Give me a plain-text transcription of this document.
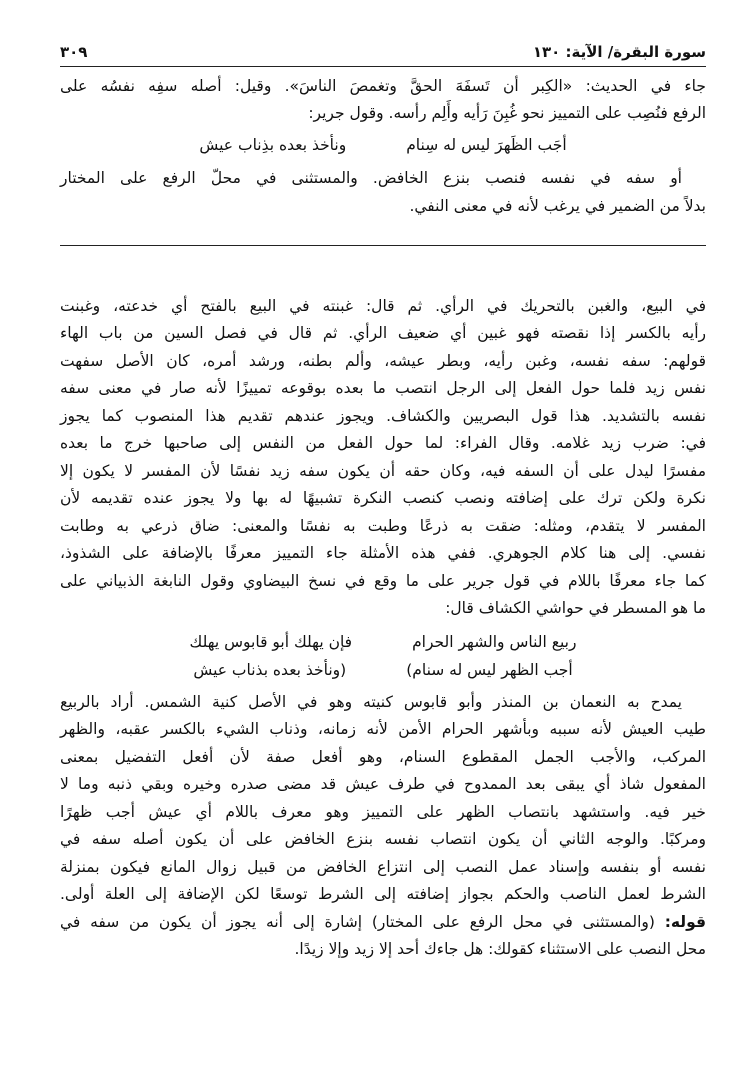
سورة البقرة/ الآية: ١٣٠
٣٠٩
جاء في الحديث: «الكِبر أن تَسفَهَ الحقَّ وتغمصَ الناسَ». وقيل: أصله سفِه نفسُه على
الرفع فنُصِب على التمييز نحو غُبِنَ رَأيه وأَلِم رأسه. وقول جرير:
أجَب الظَهرَ ليس له سِنام
ونأخذ بعده بذِناب عيش
أو سفه في نفسه فنصب بنزع الخافض. والمستثنى في محلّ الرفع على المختار
بدلاً من الضمير في يرغب لأنه في معنى النفي.
في البيع، والغبن بالتحريك في الرأي. ثم قال: غبنته في البيع بالفتح أي خدعته، وغبنت
رأيه بالكسر إذا نقصته فهو غبين أي ضعيف الرأي. ثم قال في فصل السين من باب الهاء
قولهم: سفه نفسه، وغبن رأيه، وبطر عيشه، وألم بطنه، ورشد أمره، كان الأصل سفهت
نفس زيد فلما حول الفعل إلى الرجل انتصب ما بعده بوقوعه تمييزًا لأنه صار في معنى سفه
نفسه بالتشديد. هذا قول البصريين والكشاف. ويجوز عندهم تقديم هذا المنصوب كما يجوز
في: ضرب زيد غلامه. وقال الفراء: لما حول الفعل من النفس إلى صاحبها خرج ما بعده
مفسرًا ليدل على أن السفه فيه، وكان حقه أن يكون سفه زيد نفسًا لأن المفسر لا يكون إلا
نكرة ولكن ترك على إضافته ونصب كنصب النكرة تشبيهًا له بها ولا يجوز عنده تقديمه لأن
المفسر لا يتقدم، ومثله: ضقت به ذرعًا وطبت به نفسًا والمعنى: ضاق ذرعي به وطابت
نفسي. إلى هنا كلام الجوهري. ففي هذه الأمثلة جاء التمييز معرفًا بالإضافة على الشذوذ،
كما جاء معرفًا باللام في قول جرير على ما وقع في نسخ البيضاوي وقول النابغة الذبياني على
ما هو المسطر في حواشي الكشاف قال:
ربيع الناس والشهر الحرام
فإن يهلك أبو قابوس يهلك
أجب الظهر ليس له سنام)
(ونأخذ بعده بذناب عيش
يمدح به النعمان بن المنذر وأبو قابوس كنيته وهو في الأصل كنية الشمس. أراد بالربيع
طيب العيش لأنه سببه وبأشهر الحرام الأمن لأنه زمانه، وذناب الشيء بالكسر عقبه، والظهر
المركب، والأجب الجمل المقطوع السنام، وهو أفعل صفة لأن أفعل التفضيل بمعنى
المفعول شاذ أي يبقى بعد الممدوح في طرف عيش قد مضى صدره وخيره وبقي ذنبه وما لا
خير فيه. واستشهد بانتصاب الظهر على التمييز وهو معرف باللام أي عيش أجب ظهرًا
ومركبًا. والوجه الثاني أن يكون انتصاب نفسه بنزع الخافض على أن يكون أصله سفه في
نفسه أو بنفسه وإسناد عمل النصب إلى انتزاع الخافض من قبيل زوال المانع فيكون بمنزلة
الشرط لعمل الناصب والحكم بجواز إضافته إلى الشرط توسعًا لكن الإضافة إلى العلة أولى.
قوله: (والمستثنى في محل الرفع على المختار) إشارة إلى أنه يجوز أن يكون من سفه في
محل النصب على الاستثناء كقولك: هل جاءك أحد إلا زيد وإلا زيدًا.
